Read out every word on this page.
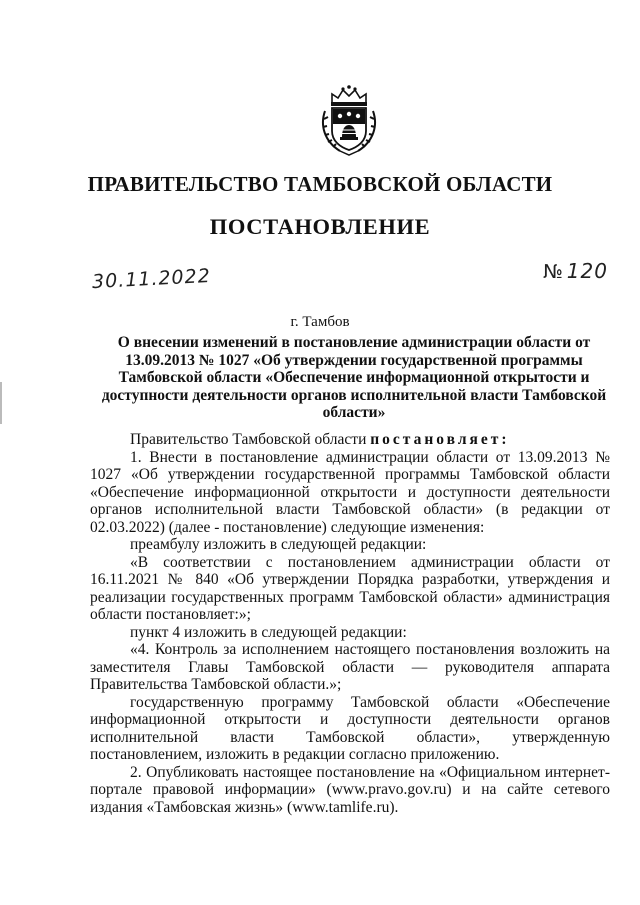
ПРАВИТЕЛЬСТВО ТАМБОВСКОЙ ОБЛАСТИ
ПОСТАНОВЛЕНИЕ
30.11.2022	№ 120
г. Тамбов
О внесении изменений в постановление администрации области от 13.09.2013 № 1027 «Об утверждении государственной программы Тамбовской области «Обеспечение информационной открытости и доступности деятельности органов исполнительной власти Тамбовской области»

Правительство Тамбовской области постановляет:

1. Внести в постановление администрации области от 13.09.2013 № 1027 «Об утверждении государственной программы Тамбовской области «Обеспечение информационной открытости и доступности деятельности органов исполнительной власти Тамбовской области» (в редакции от 02.03.2022) (далее - постановление) следующие изменения:

преамбулу изложить в следующей редакции:

«В соответствии с постановлением администрации области от 16.11.2021 № 840 «Об утверждении Порядка разработки, утверждения и реализации государственных программ Тамбовской области» администрация области постановляет:»;

пункт 4 изложить в следующей редакции:

«4. Контроль за исполнением настоящего постановления возложить на заместителя Главы Тамбовской области — руководителя аппарата Правительства Тамбовской области.»;

государственную программу Тамбовской области «Обеспечение информационной открытости и доступности деятельности органов исполнительной власти Тамбовской области», утвержденную постановлением, изложить в редакции согласно приложению.

2. Опубликовать настоящее постановление на «Официальном интернет-портале правовой информации» (www.pravo.gov.ru) и на сайте сетевого издания «Тамбовская жизнь» (www.tamlife.ru).
